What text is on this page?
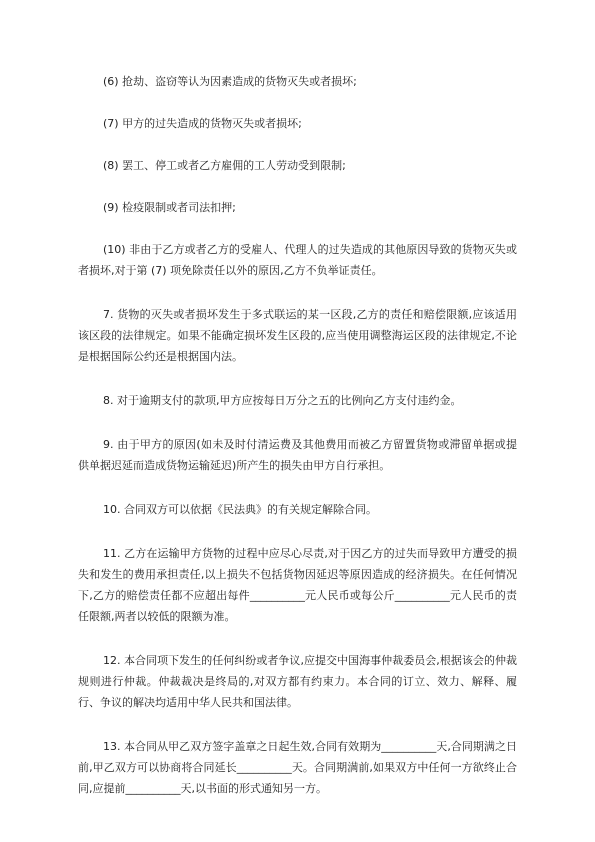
(6) 抢劫、盗窃等认为因素造成的货物灭失或者损坏;

(7) 甲方的过失造成的货物灭失或者损坏;

(8) 罢工、停工或者乙方雇佣的工人劳动受到限制;

(9) 检疫限制或者司法扣押;

(10) 非由于乙方或者乙方的受雇人、代理人的过失造成的其他原因导致的货物灭失或者损坏,对于第 (7) 项免除责任以外的原因,乙方不负举证责任。

7. 货物的灭失或者损坏发生于多式联运的某一区段,乙方的责任和赔偿限额,应该适用该区段的法律规定。如果不能确定损坏发生区段的,应当使用调整海运区段的法律规定,不论是根据国际公约还是根据国内法。

8. 对于逾期支付的款项,甲方应按每日万分之五的比例向乙方支付违约金。

9. 由于甲方的原因(如未及时付清运费及其他费用而被乙方留置货物或滞留单据或提供单据迟延而造成货物运输延迟)所产生的损失由甲方自行承担。

10. 合同双方可以依据《民法典》的有关规定解除合同。

11. 乙方在运输甲方货物的过程中应尽心尽责,对于因乙方的过失而导致甲方遭受的损失和发生的费用承担责任,以上损失不包括货物因延迟等原因造成的经济损失。在任何情况下,乙方的赔偿责任都不应超出每件__________元人民币或每公斤__________元人民币的责任限额,两者以较低的限额为准。

12. 本合同项下发生的任何纠纷或者争议,应提交中国海事仲裁委员会,根据该会的仲裁规则进行仲裁。仲裁裁决是终局的,对双方都有约束力。本合同的订立、效力、解释、履行、争议的解决均适用中华人民共和国法律。

13. 本合同从甲乙双方签字盖章之日起生效,合同有效期为__________天,合同期满之日前,甲乙双方可以协商将合同延长__________天。合同期满前,如果双方中任何一方欲终止合同,应提前__________天,以书面的形式通知另一方。
